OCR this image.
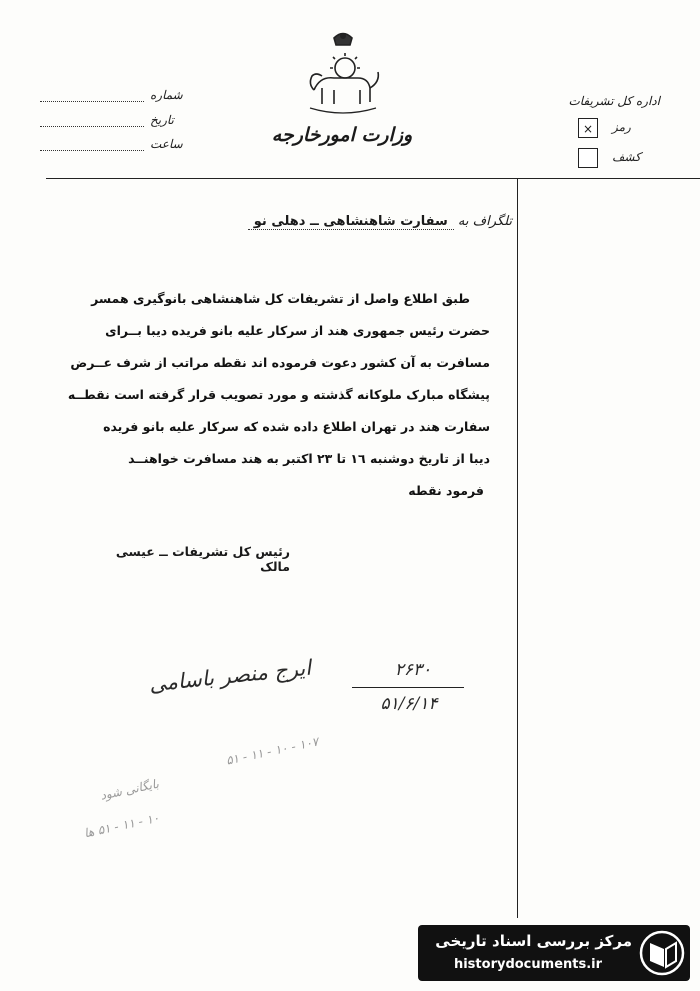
وزارت امورخارجه
شماره
تاریخ
ساعت
اداره کل تشریفات
×	رمز
کشف
تلگراف به سفارت شاهنشاهی ــ دهلی نو
طبق اطلاع واصل از تشریفات کل شاهنشاهی بانوگیری همسر
حضرت رئیس جمهوری هند از سرکار علیه بانو فریده دیبا بــرای
مسافرت به آن کشور دعوت فرموده اند نقطه مراتب از شرف عــرض
پیشگاه مبارک ملوکانه گذشته و مورد تصویب قرار گرفته است نقطــه
سفارت هند در تهران اطلاع داده شده که سرکار علیه بانو فریده
دیبا از تاریخ دوشنبه ١٦ تا ٢٣ اکتبر به هند مسافرت خواهنــد
فرمود نقطه
رئیس کل تشریفات ــ عیسی مالک
ایرج منصر باسامی	۲۶۳۰
۵۱/۶/۱۴
۱۰۷ - ۱۰ - ۱۱ - ۵۱
بایگانی شود
۱۰ - ۱۱ - ۵۱ ها
مرکز بررسی اسناد تاریخی
historydocuments.ir
